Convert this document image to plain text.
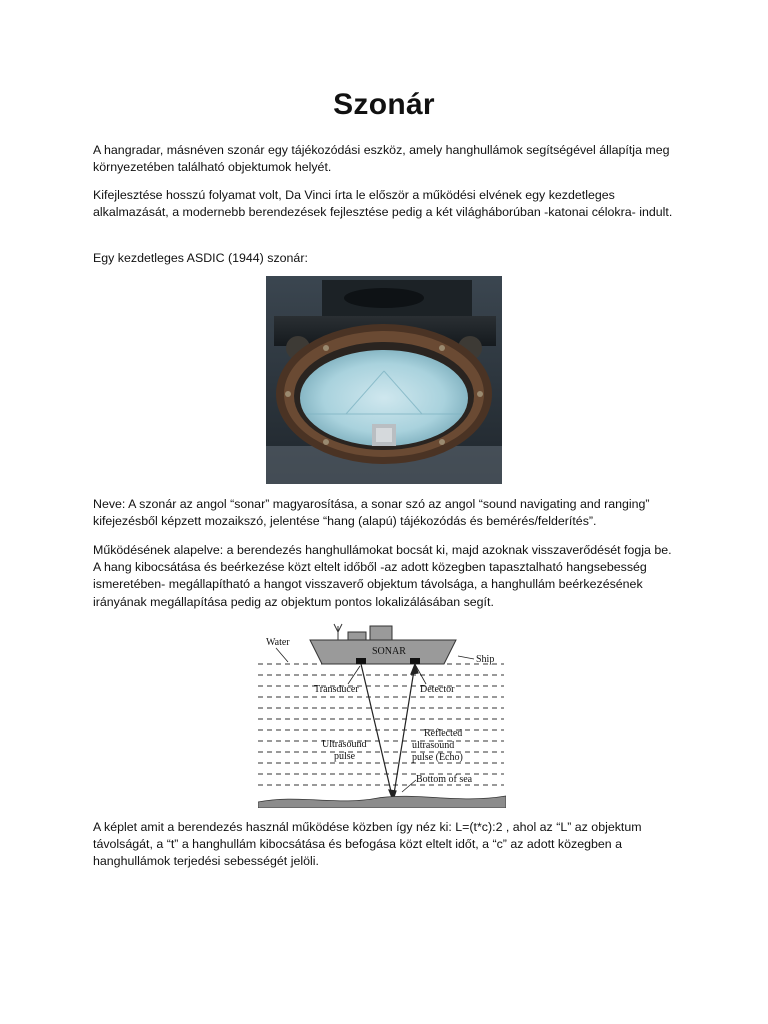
Szonár
A hangradar, másnéven szonár egy tájékozódási eszköz, amely hanghullámok segítségével állapítja meg környezetében található objektumok helyét.
Kifejlesztése hosszú folyamat volt, Da Vinci írta le először a működési elvének egy kezdetleges alkalmazását, a modernebb berendezések fejlesztése pedig a két világháborúban -katonai célokra- indult.
Egy kezdetleges ASDIC (1944) szonár:
Neve: A szonár az angol “sonar” magyarosítása, a sonar szó az angol “sound navigating and ranging” kifejezésből képzett mozaikszó, jelentése “hang (alapú) tájékozódás és bemérés/felderítés”.
Működésének alapelve: a berendezés hanghullámokat bocsát ki, majd azoknak visszaverődését fogja be. A hang kibocsátása és beérkezése közt eltelt időből -az adott közegben tapasztalható hangsebesség ismeretében- megállapítható a hangot visszaverő objektum távolsága, a hanghullám beérkezésének irányának megállapítása pedig az objektum pontos lokalizálásában segít.
Water
SONAR
Ship
Transducer	Detector
Ultrasound
pulse
Reflected
ultrasound
pulse (Echo)
Bottom of sea
A képlet amit a berendezés használ működése közben így néz ki: L=(t*c):2 , ahol az “L” az objektum távolságát, a “t” a hanghullám kibocsátása és befogása közt eltelt időt, a “c” az adott közegben a hanghullámok terjedési sebességét jelöli.
